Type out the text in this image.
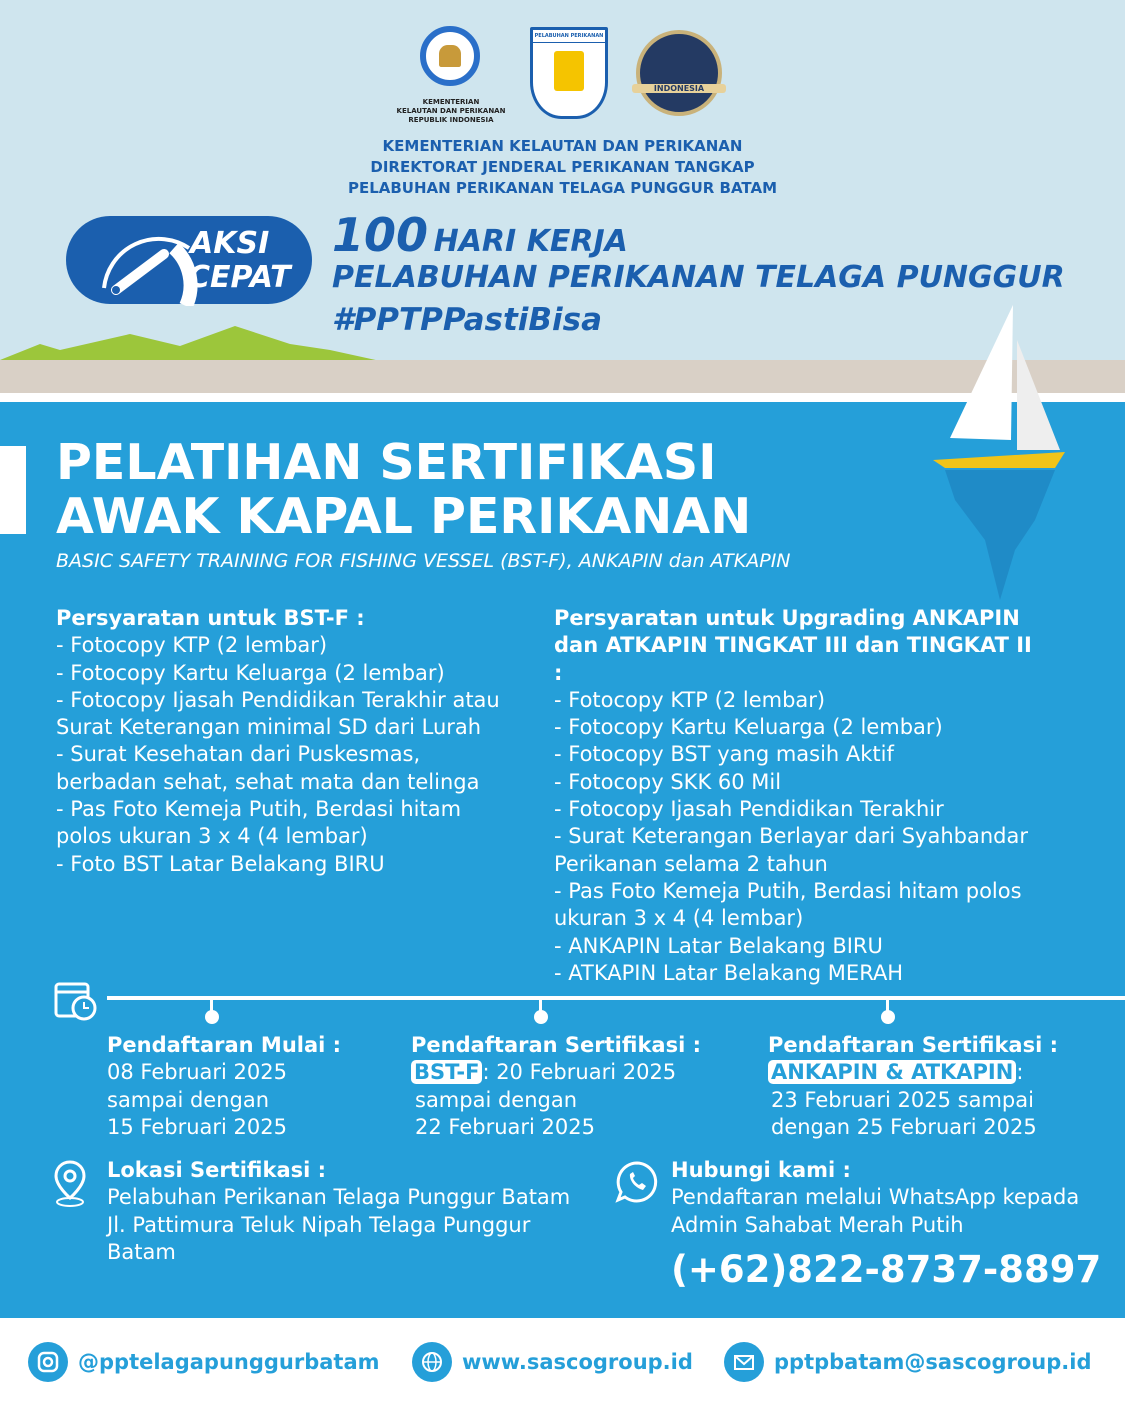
KEMENTERIAN
KELAUTAN DAN PERIKANAN
REPUBLIK INDONESIA
PELABUHAN PERIKANAN
INDONESIA
KEMENTERIAN KELAUTAN DAN PERIKANAN
DIREKTORAT JENDERAL PERIKANAN TANGKAP
PELABUHAN PERIKANAN TELAGA PUNGGUR BATAM
AKSI
CEPAT
100 HARI KERJA
PELABUHAN PERIKANAN TELAGA PUNGGUR
#PPTPPastiBisa
PELATIHAN SERTIFIKASI
AWAK KAPAL PERIKANAN
BASIC SAFETY TRAINING FOR FISHING VESSEL (BST-F), ANKAPIN dan ATKAPIN
Persyaratan untuk BST-F :
- Fotocopy KTP (2 lembar)
- Fotocopy Kartu Keluarga (2 lembar)
- Fotocopy Ijasah Pendidikan Terakhir atau Surat Keterangan minimal SD dari Lurah
- Surat Kesehatan dari Puskesmas, berbadan sehat, sehat mata dan telinga
- Pas Foto Kemeja Putih, Berdasi hitam polos ukuran 3 x 4 (4 lembar)
- Foto BST Latar Belakang BIRU
Persyaratan untuk Upgrading ANKAPIN dan ATKAPIN TINGKAT III dan TINGKAT II :
- Fotocopy KTP (2 lembar)
- Fotocopy Kartu Keluarga (2 lembar)
- Fotocopy BST yang masih Aktif
- Fotocopy SKK 60 Mil
- Fotocopy Ijasah Pendidikan Terakhir
- Surat Keterangan Berlayar dari Syahbandar Perikanan selama 2 tahun
- Pas Foto Kemeja Putih, Berdasi hitam polos ukuran 3 x 4 (4 lembar)
- ANKAPIN Latar Belakang BIRU
- ATKAPIN Latar Belakang MERAH
Pendaftaran Mulai :
08 Februari 2025
sampai dengan
15 Februari 2025
Pendaftaran Sertifikasi :
BST-F : 20 Februari 2025
sampai dengan
22 Februari 2025
Pendaftaran Sertifikasi :
ANKAPIN & ATKAPIN :
23 Februari 2025 sampai
dengan 25 Februari 2025
Lokasi Sertifikasi :
Pelabuhan Perikanan Telaga Punggur Batam
Jl. Pattimura Teluk Nipah Telaga Punggur Batam
Hubungi kami :
Pendaftaran melalui WhatsApp kepada Admin Sahabat Merah Putih
(+62)822-8737-8897
@pptelagapunggurbatam	www.sascogroup.id	pptpbatam@sascogroup.id
